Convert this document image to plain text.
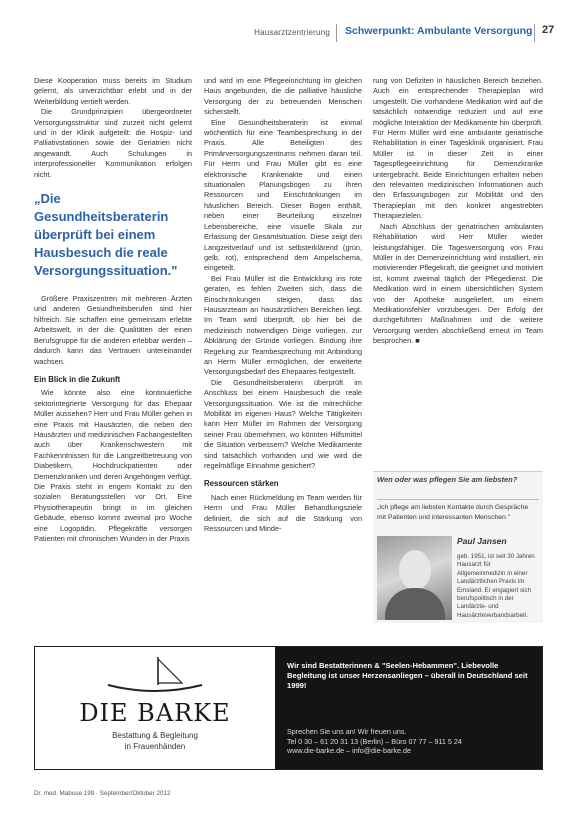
Hausarztzentrierung Schwerpunkt: Ambulante Versorgung 27

Diese Kooperation muss bereits im Studium gelernt, als unverzichtbar erlebt und in der Weiterbildung vertieft werden.

Die Grundprinzipien übergeordneter Versorgungsstruktur sind zurzeit nicht gelernt und in der Klinik aufgeteilt: die Hospiz- und Palliativstationen sowie der Geriatrien nicht angewandt. Auch Schulungen in interprofessioneller Kommunikation erfolgen nicht.

„Die Gesundheitsberaterin überprüft bei einem Hausbesuch die reale Versorgungssituation."

Größere Praxiszentren mit mehreren Ärzten und anderen Gesundheitsberufen sind hier hilfreich. Sie schaffen eine gemeinsam erlebte Arbeitswelt, in der die Qualitäten der einen Berufsgruppe für die anderen erlebbar werden – dadurch kann das Vertrauen untereinander wachsen.

Ein Blick in die Zukunft

Wie könnte also eine kontinuierliche sektorintegrierte Versorgung für das Ehepaar Müller aussehen? Herr und Frau Müller gehen in eine Praxis mit Hausärzten, die neben den Hausärzten und medizinischen Fachangestellten auch über Krankenschwestern mit Fachkenntnissen für die Langzeitbetreuung von Diabetikern, Hochdruckpatienten oder Demenzkranken und deren Angehörigen verfügt. Die Praxis steht in engem Kontakt zu den sozialen Beratungsstellen vor Ort. Eine Physiotherapeutin bringt in im gleichen Gebäude, ebenso kommt zweimal pro Woche eine Logopädin. Pflegekräfte versorgen Patienten mit chronischen Wunden in der Praxis

und wird im eine Pflegeeinrichtung im gleichen Haus angebunden, die die palliative häusliche Versorgung der zu betreuenden Menschen sicherstellt.

Eine Gesundheitsberaterin ist einmal wöchentlich für eine Teambesprechung in der Praxis. Alle Beteiligten des Primärversorgungszentrums nehmen daran teil. Für Herrn und Frau Müller gibt es eine elektronische Krankenakte und einen situationalen Planungsbogen zu ihren Ressourcen und Einschränkungen im häuslichen Bereich. Dieser Bogen enthält, neben einer Beurteilung einzelner Lebensbereiche, eine visuelle Skala zur Erfassung der Gesamtsituation. Diese zeigt den Langzeitverlauf und ist selbsterklärend (grün, gelb, rot), entsprechend dem Ampelschema, eingeteilt.

Bei Frau Müller ist die Entwicklung ins rote geraten, es fehlen Zweiten sich, dass die Einschränkungen steigen, dass das Hausarzteam an hausärztlichen Bereichen liegt. Im Team wird überprüft, ob hier bei die medizinisch notwendigen Dinge vorliegen. zur Abklärung der Gründe vorliegen. Bindung ihre Regelung zur Teambesprechung mit Anbindung an Herrn Müller ermöglichen, der erweiterte Versorgungsbedarf des Ehepaares festgestellt.

Die Gesundheitsberaterin überprüft im Anschluss bei einem Hausbesuch die reale Versorgungssituation. Wie ist die mitrechliche Mobilität im eigenen Haus? Welche Tätigkeiten kann Herr Müller im Rahmen der Versorgung seiner Frau übernehmen, wo könnten Hilfsmittel die Situation verbessern? Welche Medikamente sind tatsächlich vorhanden und wie wird die regelmäßige Einnahme gesichert?

Ressourcen stärken

Nach einer Rückmeldung im Team werden für Herrn und Frau Müller Behandlungsziele definiert, die sich auf die Stärkung von Ressourcen und Minde-

rung von Defiziten in häuslichen Bereich beziehen. Auch ein entsprechender Therapieplan wird umgestellt. Die vorhandene Medikation wird auf die tatsächlich notwendige reduziert und auf eine mögliche Interaktion der Medikamente hin überprüft. Für Herrn Müller wird eine ambulante geriatrische Rehabilitation in einer Tagesklinik organisiert. Frau Müller ist in dieser Zeit in einer Tagespflegeeinrichtung für Demenzkranke untergebracht. Beide Einrichtungen erhalten neben den relevanten medizinischen Informationen auch den Erfassungsbogen zur Mobilität und den Therapieplan mit den konkret angestrebten Therapiezielen.

Nach Abschluss der geriatrischen ambulanten Rehabilitation wird Herr Müller wieder leistungsfähiger. Die Tagesversorgung von Frau Müller in der Demenzeinrichtung wird installiert, ein motivierender Pflegekraft, die geeignet und motiviert ist, kommt zweimal täglich der Pflegedienst. Die Medikation wird in einem übersichtlichen System von der Apotheke ausgeliefert, um einem Medikationsfehler vorzubeugen. Der Erfolg der durchgeführten Maßnahmen und die weitere Versorgung werden abschließend erneut im Team besprochen. ■

Wen oder was pflegen Sie am liebsten?
„Ich pflege am liebsten Kontakte durch Gespräche mit Patienten und interessanten Menschen."
Paul Jansen
geb. 1951, ist seit 30 Jahren Hausarzt für Allgemeinmedizin in einer Landärztlichen Praxis im Emsland. Er engagiert sich berufspolitisch in der Landärzte- und Hausärzteverbandsarbeit.
DIE BARKE
Bestattung & Begleitung
in Frauenhänden
Wir sind Bestatterinnen & "Seelen-Hebammen". Liebevolle Begleitung ist unser Herzensanliegen – überall in Deutschland seit 1999!
Sprechen Sie uns an! Wir freuen uns.
Tel 0 30 – 61 20 31 13 (Berlin) – Büro 07 77 – 911 5 24
www.die-barke.de – info@die-barke.de
Dr. med. Mabuse 199 · September/Oktober 2012
